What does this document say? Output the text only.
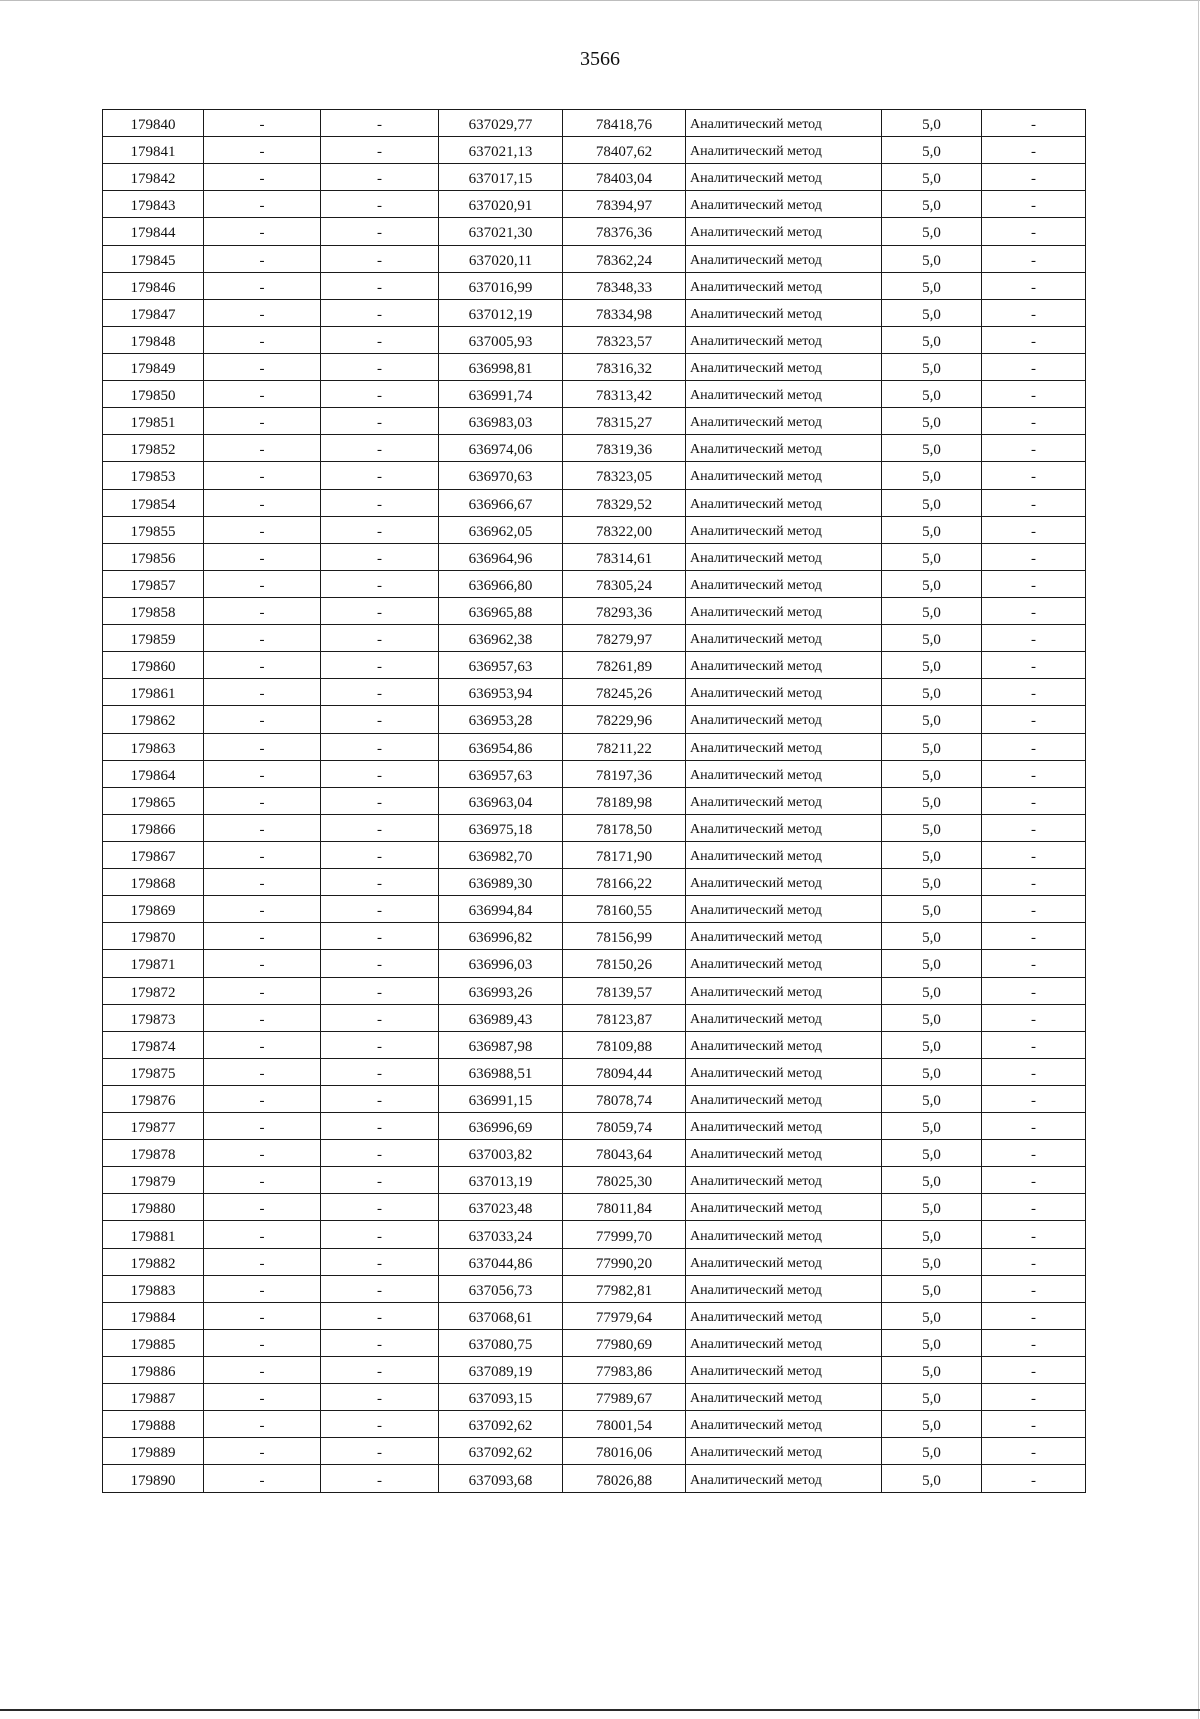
3566
179840	-	-	637029,77	78418,76	Аналитический метод	5,0	-
179841	-	-	637021,13	78407,62	Аналитический метод	5,0	-
179842	-	-	637017,15	78403,04	Аналитический метод	5,0	-
179843	-	-	637020,91	78394,97	Аналитический метод	5,0	-
179844	-	-	637021,30	78376,36	Аналитический метод	5,0	-
179845	-	-	637020,11	78362,24	Аналитический метод	5,0	-
179846	-	-	637016,99	78348,33	Аналитический метод	5,0	-
179847	-	-	637012,19	78334,98	Аналитический метод	5,0	-
179848	-	-	637005,93	78323,57	Аналитический метод	5,0	-
179849	-	-	636998,81	78316,32	Аналитический метод	5,0	-
179850	-	-	636991,74	78313,42	Аналитический метод	5,0	-
179851	-	-	636983,03	78315,27	Аналитический метод	5,0	-
179852	-	-	636974,06	78319,36	Аналитический метод	5,0	-
179853	-	-	636970,63	78323,05	Аналитический метод	5,0	-
179854	-	-	636966,67	78329,52	Аналитический метод	5,0	-
179855	-	-	636962,05	78322,00	Аналитический метод	5,0	-
179856	-	-	636964,96	78314,61	Аналитический метод	5,0	-
179857	-	-	636966,80	78305,24	Аналитический метод	5,0	-
179858	-	-	636965,88	78293,36	Аналитический метод	5,0	-
179859	-	-	636962,38	78279,97	Аналитический метод	5,0	-
179860	-	-	636957,63	78261,89	Аналитический метод	5,0	-
179861	-	-	636953,94	78245,26	Аналитический метод	5,0	-
179862	-	-	636953,28	78229,96	Аналитический метод	5,0	-
179863	-	-	636954,86	78211,22	Аналитический метод	5,0	-
179864	-	-	636957,63	78197,36	Аналитический метод	5,0	-
179865	-	-	636963,04	78189,98	Аналитический метод	5,0	-
179866	-	-	636975,18	78178,50	Аналитический метод	5,0	-
179867	-	-	636982,70	78171,90	Аналитический метод	5,0	-
179868	-	-	636989,30	78166,22	Аналитический метод	5,0	-
179869	-	-	636994,84	78160,55	Аналитический метод	5,0	-
179870	-	-	636996,82	78156,99	Аналитический метод	5,0	-
179871	-	-	636996,03	78150,26	Аналитический метод	5,0	-
179872	-	-	636993,26	78139,57	Аналитический метод	5,0	-
179873	-	-	636989,43	78123,87	Аналитический метод	5,0	-
179874	-	-	636987,98	78109,88	Аналитический метод	5,0	-
179875	-	-	636988,51	78094,44	Аналитический метод	5,0	-
179876	-	-	636991,15	78078,74	Аналитический метод	5,0	-
179877	-	-	636996,69	78059,74	Аналитический метод	5,0	-
179878	-	-	637003,82	78043,64	Аналитический метод	5,0	-
179879	-	-	637013,19	78025,30	Аналитический метод	5,0	-
179880	-	-	637023,48	78011,84	Аналитический метод	5,0	-
179881	-	-	637033,24	77999,70	Аналитический метод	5,0	-
179882	-	-	637044,86	77990,20	Аналитический метод	5,0	-
179883	-	-	637056,73	77982,81	Аналитический метод	5,0	-
179884	-	-	637068,61	77979,64	Аналитический метод	5,0	-
179885	-	-	637080,75	77980,69	Аналитический метод	5,0	-
179886	-	-	637089,19	77983,86	Аналитический метод	5,0	-
179887	-	-	637093,15	77989,67	Аналитический метод	5,0	-
179888	-	-	637092,62	78001,54	Аналитический метод	5,0	-
179889	-	-	637092,62	78016,06	Аналитический метод	5,0	-
179890	-	-	637093,68	78026,88	Аналитический метод	5,0	-
